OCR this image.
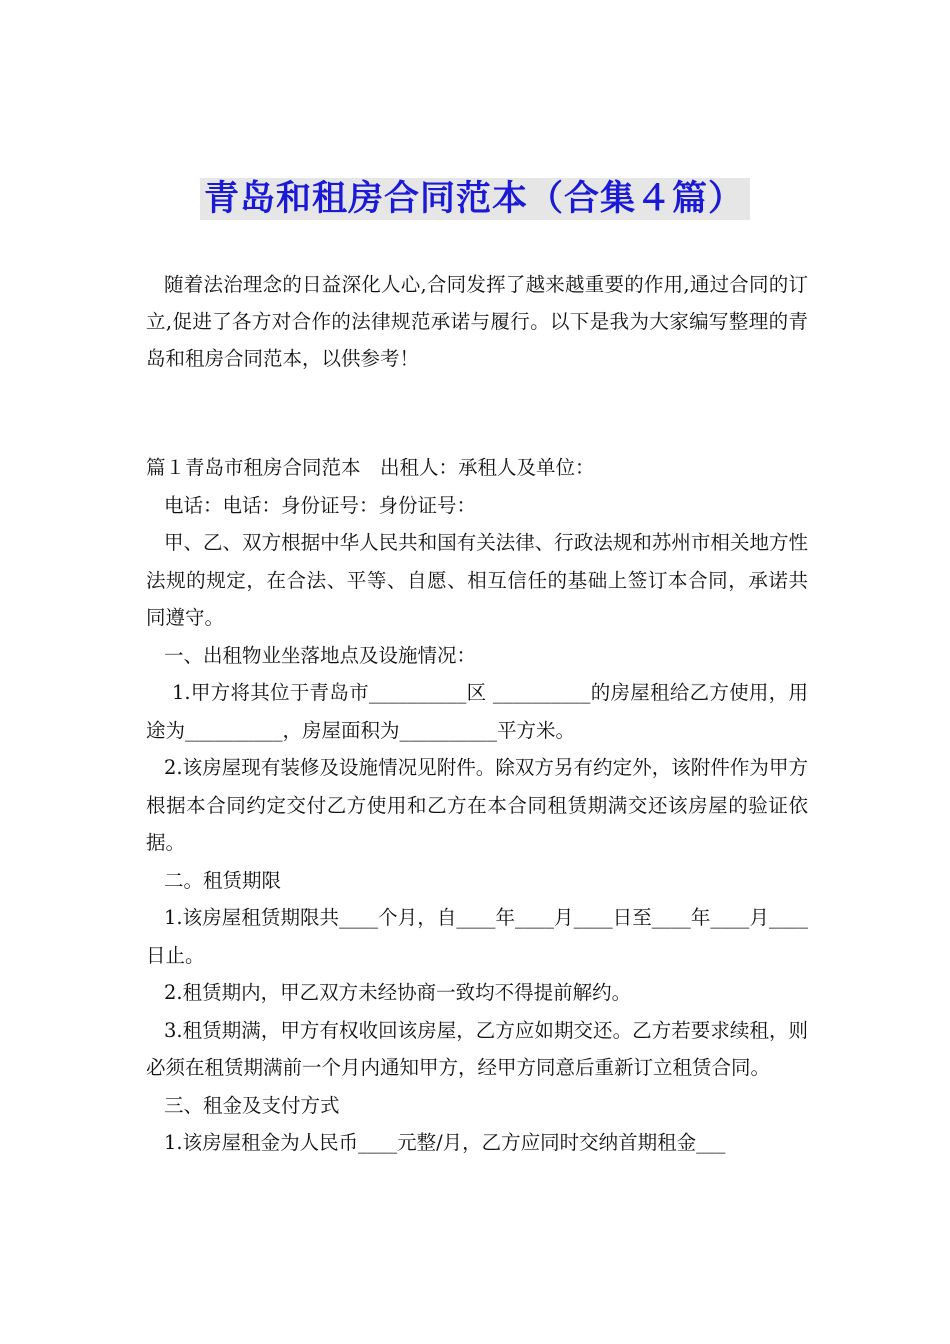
青岛和租房合同范本（合集４篇）

随着法治理念的日益深化人心,合同发挥了越来越重要的作用,通过合同的订立,促进了各方对合作的法律规范承诺与履行。以下是我为大家编写整理的青岛和租房合同范本，以供参考！

篇１青岛市租房合同范本　出租人：承租人及单位：

电话：电话：身份证号：身份证号：

甲、乙、双方根据中华人民共和国有关法律、行政法规和苏州市相关地方性法规的规定，在合法、平等、自愿、相互信任的基础上签订本合同，承诺共同遵守。

一、出租物业坐落地点及设施情况：

1.甲方将其位于青岛市__________区 __________的房屋租给乙方使用，用途为__________，房屋面积为__________平方米。

2.该房屋现有装修及设施情况见附件。除双方另有约定外，该附件作为甲方根据本合同约定交付乙方使用和乙方在本合同租赁期满交还该房屋的验证依据。

二。租赁期限

1.该房屋租赁期限共____个月，自____年____月____日至____年____月____日止。

2.租赁期内，甲乙双方未经协商一致均不得提前解约。

3.租赁期满，甲方有权收回该房屋，乙方应如期交还。乙方若要求续租，则必须在租赁期满前一个月内通知甲方，经甲方同意后重新订立租赁合同。

三、租金及支付方式

1.该房屋租金为人民币____元整/月，乙方应同时交纳首期租金___
